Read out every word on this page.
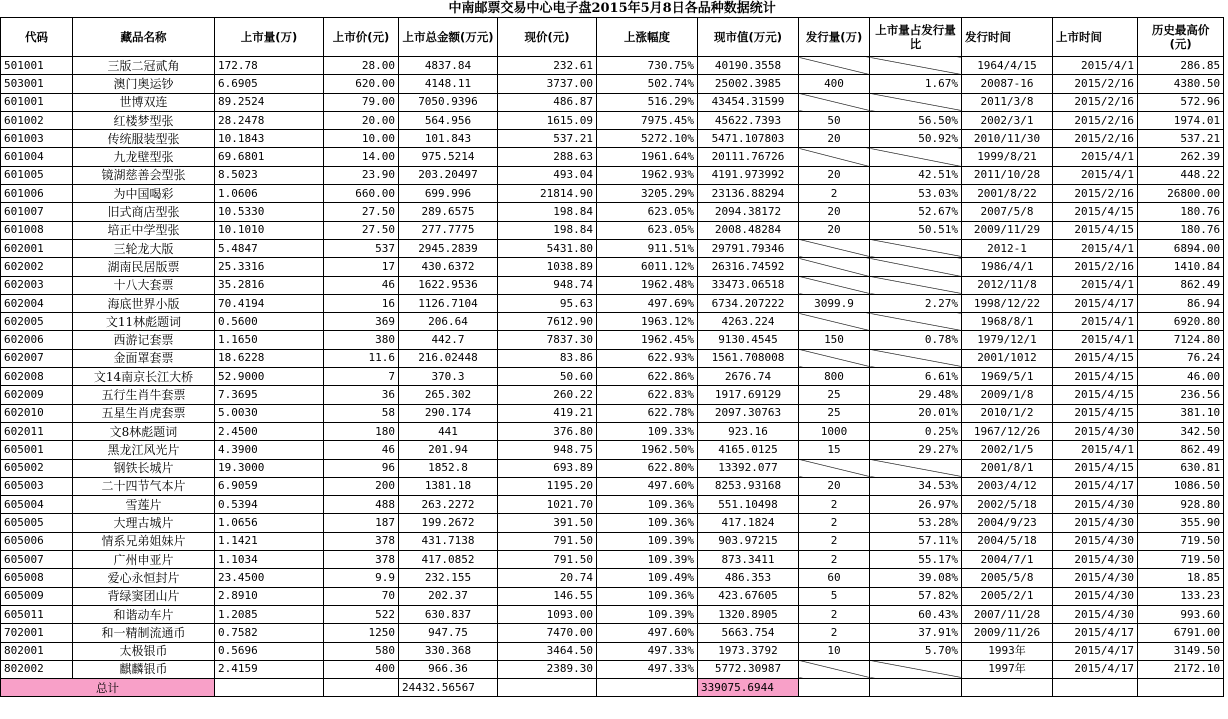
中南邮票交易中心电子盘2015年5月8日各品种数据统计												
代码	藏品名称	上市量(万)	上市价(元)	上市总金额(万元)	现价(元)	上涨幅度	现市值(万元)	发行量(万)	上市量占发行量比	发行时间	上市时间	历史最高价(元)
501001	三版二冠贰角	172.78	28.00	4837.84	232.61	730.75%	40190.3558			1964/4/15	2015/4/1	286.85
503001	澳门奥运钞	6.6905	620.00	4148.11	3737.00	502.74%	25002.3985	400	1.67%	20087-16	2015/2/16	4380.50
601001	世博双连	89.2524	79.00	7050.9396	486.87	516.29%	43454.31599			2011/3/8	2015/2/16	572.96
601002	红楼梦型张	28.2478	20.00	564.956	1615.09	7975.45%	45622.7393	50	56.50%	2002/3/1	2015/2/16	1974.01
601003	传统服装型张	10.1843	10.00	101.843	537.21	5272.10%	5471.107803	20	50.92%	2010/11/30	2015/2/16	537.21
601004	九龙壁型张	69.6801	14.00	975.5214	288.63	1961.64%	20111.76726			1999/8/21	2015/4/1	262.39
601005	镜湖慈善会型张	8.5023	23.90	203.20497	493.04	1962.93%	4191.973992	20	42.51%	2011/10/28	2015/4/1	448.22
601006	为中国喝彩	1.0606	660.00	699.996	21814.90	3205.29%	23136.88294	2	53.03%	2001/8/22	2015/2/16	26800.00
601007	旧式商店型张	10.5330	27.50	289.6575	198.84	623.05%	2094.38172	20	52.67%	2007/5/8	2015/4/15	180.76
601008	培正中学型张	10.1010	27.50	277.7775	198.84	623.05%	2008.48284	20	50.51%	2009/11/29	2015/4/15	180.76
602001	三轮龙大版	5.4847	537	2945.2839	5431.80	911.51%	29791.79346			2012-1	2015/4/1	6894.00
602002	湖南民居版票	25.3316	17	430.6372	1038.89	6011.12%	26316.74592			1986/4/1	2015/2/16	1410.84
602003	十八大套票	35.2816	46	1622.9536	948.74	1962.48%	33473.06518			2012/11/8	2015/4/1	862.49
602004	海底世界小版	70.4194	16	1126.7104	95.63	497.69%	6734.207222	3099.9	2.27%	1998/12/22	2015/4/17	86.94
602005	文11林彪题词	0.5600	369	206.64	7612.90	1963.12%	4263.224			1968/8/1	2015/4/1	6920.80
602006	西游记套票	1.1650	380	442.7	7837.30	1962.45%	9130.4545	150	0.78%	1979/12/1	2015/4/1	7124.80
602007	金面罩套票	18.6228	11.6	216.02448	83.86	622.93%	1561.708008			2001/1012	2015/4/15	76.24
602008	文14南京长江大桥	52.9000	7	370.3	50.60	622.86%	2676.74	800	6.61%	1969/5/1	2015/4/15	46.00
602009	五行生肖牛套票	7.3695	36	265.302	260.22	622.83%	1917.69129	25	29.48%	2009/1/8	2015/4/15	236.56
602010	五星生肖虎套票	5.0030	58	290.174	419.21	622.78%	2097.30763	25	20.01%	2010/1/2	2015/4/15	381.10
602011	文8林彪题词	2.4500	180	441	376.80	109.33%	923.16	1000	0.25%	1967/12/26	2015/4/30	342.50
605001	黑龙江风光片	4.3900	46	201.94	948.75	1962.50%	4165.0125	15	29.27%	2002/1/5	2015/4/1	862.49
605002	钢铁长城片	19.3000	96	1852.8	693.89	622.80%	13392.077			2001/8/1	2015/4/15	630.81
605003	二十四节气本片	6.9059	200	1381.18	1195.20	497.60%	8253.93168	20	34.53%	2003/4/12	2015/4/17	1086.50
605004	雪莲片	0.5394	488	263.2272	1021.70	109.36%	551.10498	2	26.97%	2002/5/18	2015/4/30	928.80
605005	大理古城片	1.0656	187	199.2672	391.50	109.36%	417.1824	2	53.28%	2004/9/23	2015/4/30	355.90
605006	情系兄弟姐妹片	1.1421	378	431.7138	791.50	109.39%	903.97215	2	57.11%	2004/5/18	2015/4/30	719.50
605007	广州申亚片	1.1034	378	417.0852	791.50	109.39%	873.3411	2	55.17%	2004/7/1	2015/4/30	719.50
605008	爱心永恒封片	23.4500	9.9	232.155	20.74	109.49%	486.353	60	39.08%	2005/5/8	2015/4/30	18.85
605009	背绿窦团山片	2.8910	70	202.37	146.55	109.36%	423.67605	5	57.82%	2005/2/1	2015/4/30	133.23
605011	和谐动车片	1.2085	522	630.837	1093.00	109.39%	1320.8905	2	60.43%	2007/11/28	2015/4/30	993.60
702001	和一精制流通币	0.7582	1250	947.75	7470.00	497.60%	5663.754	2	37.91%	2009/11/26	2015/4/17	6791.00
802001	太极银币	0.5696	580	330.368	3464.50	497.33%	1973.3792	10	5.70%	1993年	2015/4/17	3149.50
802002	麒麟银币	2.4159	400	966.36	2389.30	497.33%	5772.30987			1997年	2015/4/17	2172.10
总计				24432.56567			339075.6944					
